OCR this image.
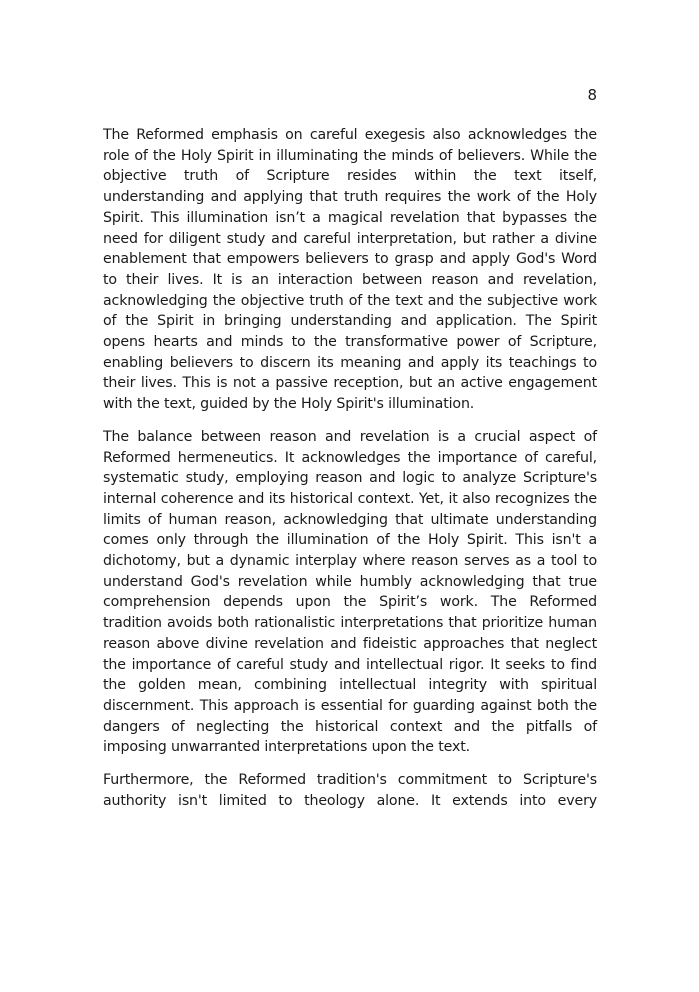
8

The Reformed emphasis on careful exegesis also acknowledges the role of the Holy Spirit in illuminating the minds of believers. While the objective truth of Scripture resides within the text itself, understanding and applying that truth requires the work of the Holy Spirit. This illumination isn’t a magical revelation that bypasses the need for diligent study and careful interpretation, but rather a divine enablement that empowers believers to grasp and apply God's Word to their lives. It is an interaction between reason and revelation, acknowledging the objective truth of the text and the subjective work of the Spirit in bringing understanding and application. The Spirit opens hearts and minds to the transformative power of Scripture, enabling believers to discern its meaning and apply its teachings to their lives. This is not a passive reception, but an active engagement with the text, guided by the Holy Spirit's illumination.

The balance between reason and revelation is a crucial aspect of Reformed hermeneutics. It acknowledges the importance of careful, systematic study, employing reason and logic to analyze Scripture's internal coherence and its historical context. Yet, it also recognizes the limits of human reason, acknowledging that ultimate understanding comes only through the illumination of the Holy Spirit. This isn't a dichotomy, but a dynamic interplay where reason serves as a tool to understand God's revelation while humbly acknowledging that true comprehension depends upon the Spirit’s work. The Reformed tradition avoids both rationalistic interpretations that prioritize human reason above divine revelation and fideistic approaches that neglect the importance of careful study and intellectual rigor. It seeks to find the golden mean, combining intellectual integrity with spiritual discernment. This approach is essential for guarding against both the dangers of neglecting the historical context and the pitfalls of imposing unwarranted interpretations upon the text.

Furthermore, the Reformed tradition's commitment to Scripture's authority isn't limited to theology alone. It extends into every
